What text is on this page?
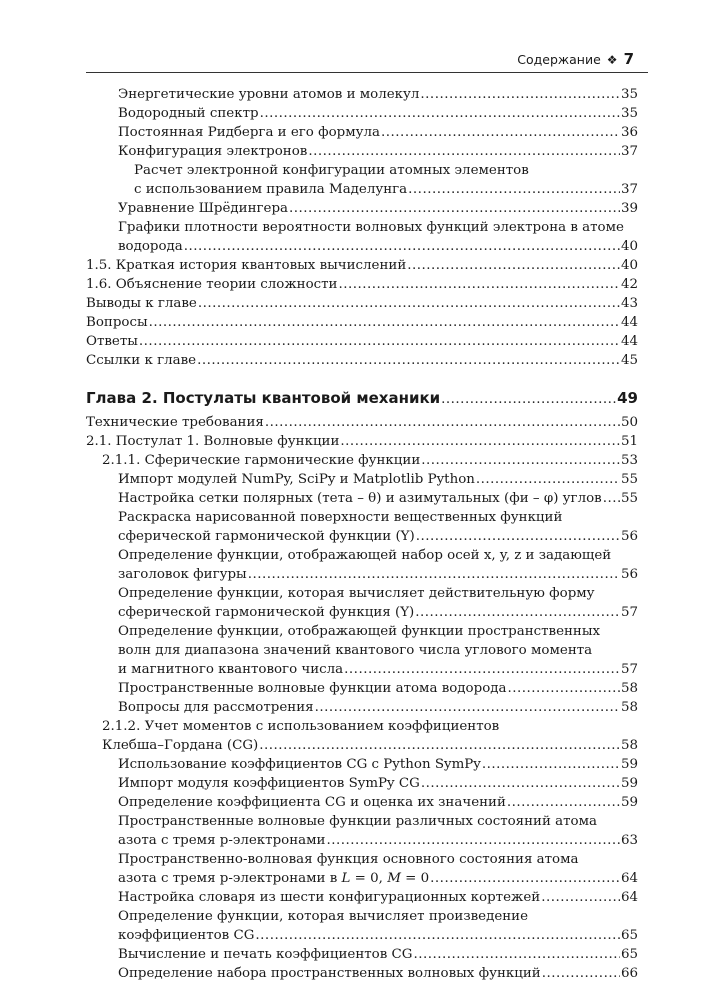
Содержание ❖ 7
Энергетические уровни атомов и молекул .....	35
Водородный спектр .....	35
Постоянная Ридберга и его формула .....	36
Конфигурация электронов .....	37
Расчет электронной конфигурации атомных элементов
с использованием правила Маделунга .....	37
Уравнение Шрёдингера .....	39
Графики плотности вероятности волновых функций электрона в атоме
водорода .....	40
1.5. Краткая история квантовых вычислений .....	40
1.6. Объяснение теории сложности .....	42
Выводы к главе .....	43
Вопросы .....	44
Ответы .....	44
Ссылки к главе .....	45
Глава 2. Постулаты квантовой механики .....	49
Технические требования .....	50
2.1. Постулат 1. Волновые функции .....	51
2.1.1. Сферические гармонические функции .....	53
Импорт модулей NumPy, SciPy и Matplotlib Python .....	55
Настройка сетки полярных (тета – θ) и азимутальных (фи – φ) углов ..... 55
Раскраска нарисованной поверхности вещественных функций
сферической гармонической функции (Y) .....	56
Определение функции, отображающей набор осей x, y, z и задающей
заголовок фигуры .....	56
Определение функции, которая вычисляет действительную форму
сферической гармонической функция (Y) .....	57
Определение функции, отображающей функции пространственных
волн для диапазона значений квантового числа углового момента
и магнитного квантового числа .....	57
Пространственные волновые функции атома водорода .....	58
Вопросы для рассмотрения .....	58
2.1.2. Учет моментов с использованием коэффициентов
Клебша–Гордана (CG) .....	58
Использование коэффициентов CG с Python SymPy .....	59
Импорт модуля коэффициентов SymPy CG .....	59
Определение коэффициента CG и оценка их значений .....	59
Пространственные волновые функции различных состояний атома
азота с тремя p-электронами .....	63
Пространственно-волновая функция основного состояния атома
азота с тремя p-электронами в L = 0, M = 0 .....	64
Настройка словаря из шести конфигурационных кортежей .....	64
Определение функции, которая вычисляет произведение
коэффициентов CG .....	65
Вычисление и печать коэффициентов CG .....	65
Определение набора пространственных волновых функций .....	66
